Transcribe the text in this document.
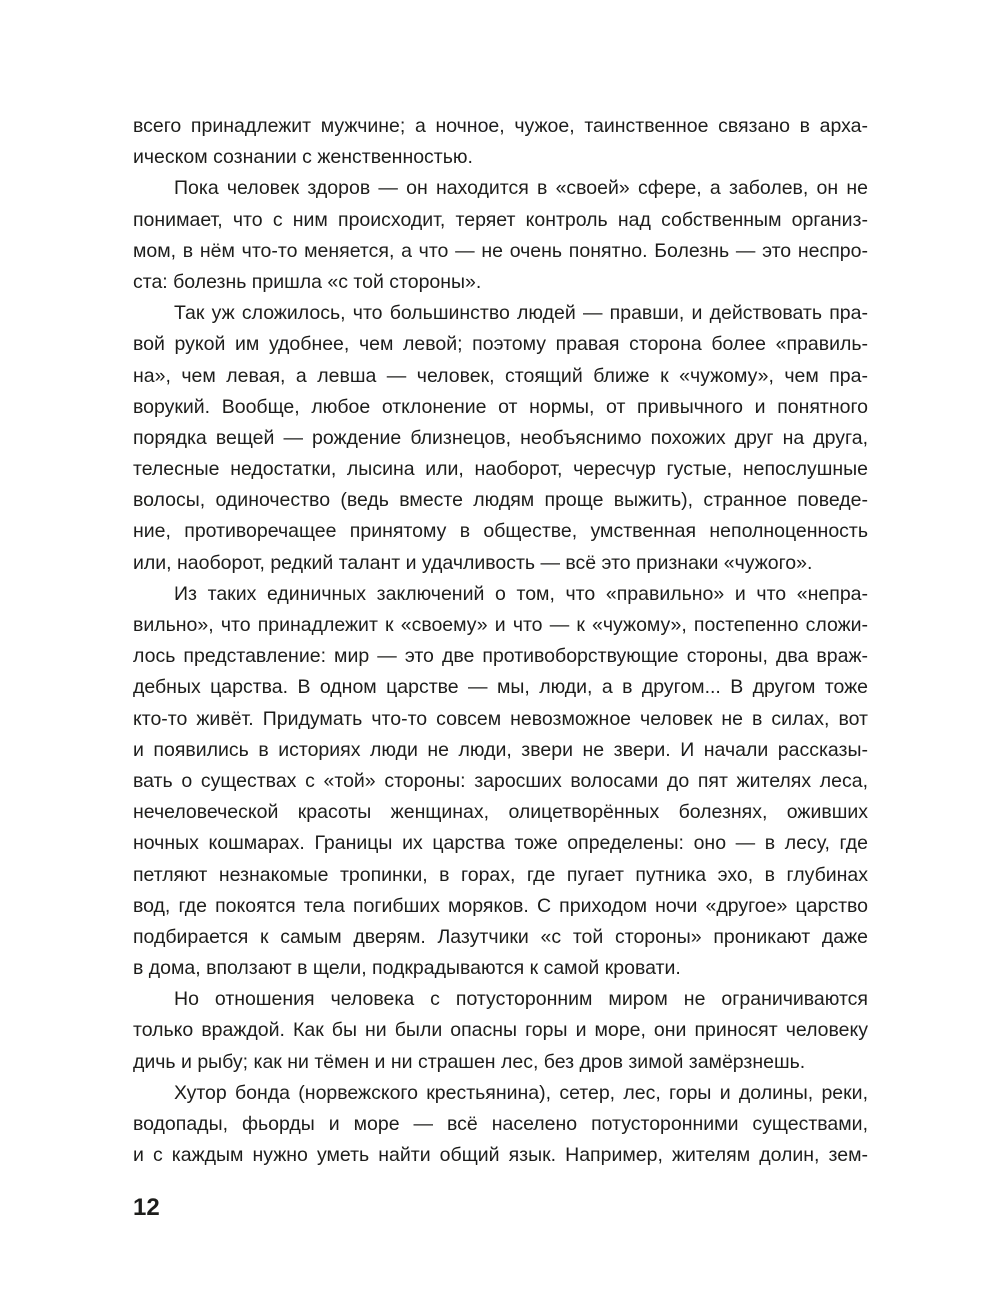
всего принадлежит мужчине; а ночное, чужое, таинственное связано в арха-
ическом сознании с женственностью.
Пока человек здоров — он находится в «своей» сфере, а заболев, он не
понимает, что с ним происходит, теряет контроль над собственным организ-
мом, в нём что-то меняется, а что — не очень понятно. Болезнь — это неспро-
ста: болезнь пришла «с той стороны».
Так уж сложилось, что большинство людей — правши, и действовать пра-
вой рукой им удобнее, чем левой; поэтому правая сторона более «правиль-
на», чем левая, а левша — человек, стоящий ближе к «чужому», чем пра-
ворукий. Вообще, любое отклонение от нормы, от привычного и понятного
порядка вещей — рождение близнецов, необъяснимо похожих друг на друга,
телесные недостатки, лысина или, наоборот, чересчур густые, непослушные
волосы, одиночество (ведь вместе людям проще выжить), странное поведе-
ние, противоречащее принятому в обществе, умственная неполноценность
или, наоборот, редкий талант и удачливость — всё это признаки «чужого».
Из таких единичных заключений о том, что «правильно» и что «непра-
вильно», что принадлежит к «своему» и что — к «чужому», постепенно сложи-
лось представление: мир — это две противоборствующие стороны, два враж-
дебных царства. В одном царстве — мы, люди, а в другом... В другом тоже
кто-то живёт. Придумать что-то совсем невозможное человек не в силах, вот
и появились в историях люди не люди, звери не звери. И начали рассказы-
вать о существах с «той» стороны: заросших волосами до пят жителях леса,
нечеловеческой красоты женщинах, олицетворённых болезнях, оживших
ночных кошмарах. Границы их царства тоже определены: оно — в лесу, где
петляют незнакомые тропинки, в горах, где пугает путника эхо, в глубинах
вод, где покоятся тела погибших моряков. С приходом ночи «другое» царство
подбирается к самым дверям. Лазутчики «с той стороны» проникают даже
в дома, вползают в щели, подкрадываются к самой кровати.
Но отношения человека с потусторонним миром не ограничиваются
только враждой. Как бы ни были опасны горы и море, они приносят человеку
дичь и рыбу; как ни тёмен и ни страшен лес, без дров зимой замёрзнешь.
Хутор бонда (норвежского крестьянина), сетер, лес, горы и долины, реки,
водопады, фьорды и море — всё населено потусторонними существами,
и с каждым нужно уметь найти общий язык. Например, жителям долин, зем-
12
